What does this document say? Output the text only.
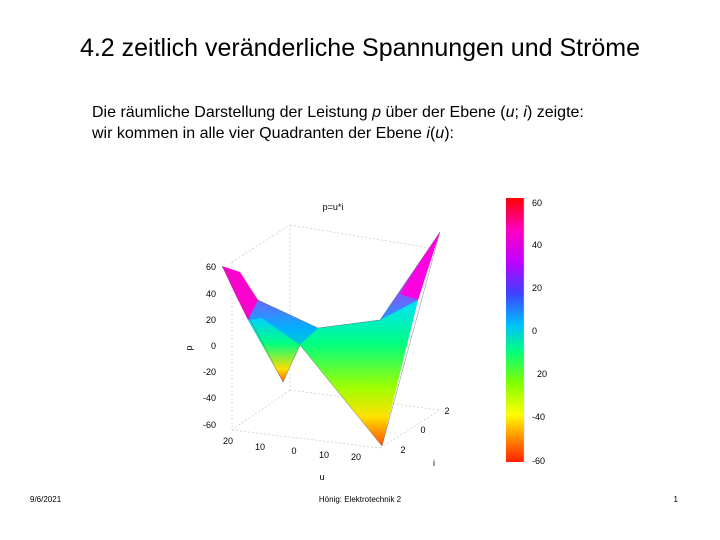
4.2 zeitlich veränderliche Spannungen und Ströme
Die räumliche Darstellung der Leistung p über der Ebene (u; i) zeigte:
wir kommen in alle vier Quadranten der Ebene i(u):
p=u*i
p
u
i
60
40
20
0
-20
-40
-60
20
10	0 10 20
2
0
2
60
40
20
0
20
-40
-60
9/6/2021	Hönig: Elektrotechnik 2	1
